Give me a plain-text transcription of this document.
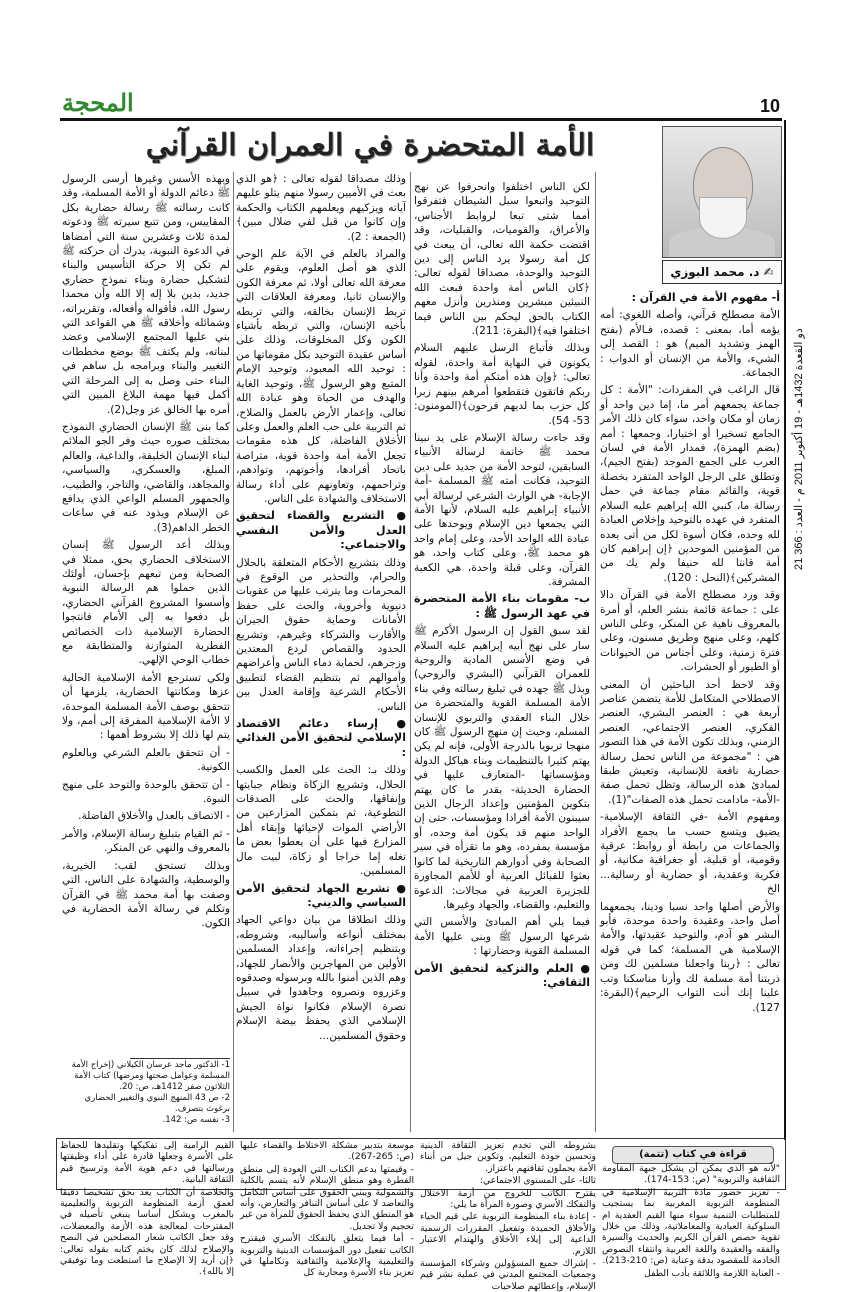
10
المحجة
21 ذو القعدة 1432هـ - 19 أكتوبر 2011 م - العدد : 366
الأمة المتحضرة في العمران القرآني
✍ د. محمد البوزي
أ- مفهوم الأمة في القرآن :

الأمة مصطلح قرآني، وأصله اللغوي: أمه يؤمه أما، بمعنى : قصده، فـالأم (بفتح الهمز وتشديد الميم) هو : القصد إلى الشيء، والأمة من الإنسان أو الدواب : الجماعة.

قال الراغب في المفردات: "الأمة : كل جماعة يجمعهم أمر ما، إما دين واحد أو زمان أو مكان واحد، سواء كان ذلك الأمر الجامع تسخيرا أو اختيارا، وجمعها : أمم (بضم الهمزة)، فمدار الأمة في لسان العرب على الجمع الموجد (بفتح الجيم)، وتطلق على الرجل الواحد المتفرد بخصلة قوية، والقائم مقام جماعة في حمل رسالة ما، كنبي الله إبراهيم عليه السلام المتفرد في عهده بالتوحيد وإخلاص العبادة لله وحده، فكان أسوة لكل من أتى بعده من المؤمنين الموحدين ﴿إن إبراهيم كان أمة قانتا لله حنيفا ولم يك من المشركين﴾(النحل : 120).

وقد ورد مصطلح الأمة في القرآن دالا على : جماعة قائمة بنشر العلم، أو أمرة بالمعروف ناهية عن المنكر، وعلى الناس كلهم، وعلى منهج وطريق مسنون، وعلى فترة زمنية، وعلى أجناس من الحيوانات أو الطيور أو الحشرات.

وقد لاحظ أحد الباحثين أن المعنى الاصطلاحي المتكامل للأمة يتضمن عناصر أربعة هي : العنصر البشري، العنصر الفكري، العنصر الاجتماعي، العنصر الزمني، وبذلك تكون الأمة في هذا التصور هي : "مجموعة من الناس تحمل رسالة حضارية نافعة للإنسانية، وتعيش طبقا لمبادئ هذه الرسالة، وتظل تحمل صفة -الأمة- مادامت تحمل هذه الصفات"(1).

ومفهوم الأمة -في الثقافة الإسلامية- يضيق ويتسع حسب ما يجمع الأفراد والجماعات من رابطة أو روابط: عرقية وقومية، أو قبلية، أو جغرافية مكانية، أو فكرية وعقدية، أو حضارية أو رسالية... الخ

والأرض أصلها واحد نسبا ودينا، يجمعهما أصل واحد، وعقيدة واحدة موحدة، فأبو البشر هو آدم، والتوحيد عقيدتها، والأمة الإسلامية هي المسلمة؛ كما في قوله تعالى : ﴿ربنا واجعلنا مسلمين لك ومن ذريتنا أمة مسلمة لك وأرنا مناسكنا وتب علينا إنك أنت التواب الرحيم﴾(البقرة: 127).

لكن الناس اختلفوا وانحرفوا عن نهج التوحيد واتبعوا سبل الشيطان فتفرقوا أمما شتى تبعا لروابط الأجناس، والأعراق، والقوميات، والقبليات، وقد اقتضت حكمة الله تعالى، أن يبعث في كل أمة رسولا يرد الناس إلى دين التوحيد والوحدة، مصداقا لقوله تعالى: ﴿كان الناس أمة واحدة فبعث الله النبيئين مبشرين ومنذرين وأنزل معهم الكتاب بالحق ليحكم بين الناس فيما اختلفوا فيه﴾(البقرة: 211).

وبذلك فأتباع الرسل عليهم السلام يكونون في النهاية أمة واحدة، لقوله تعالى: ﴿وإن هذه أمتكم أمة واحدة وأنا ربكم فاتقون فتقطعوا أمرهم بينهم زبرا كل حزب بما لديهم فرحون﴾(المومنون: 53- 54).

وقد جاءت رسالة الإسلام على يد نبينا محمد ﷺ خاتمة لرسالة الأنبياء السابقين، لتوحد الأمة من جديد على دين التوحيد، فكانت أمته ﷺ المسلمة -أمة الإجابة- هي الوارث الشرعي لرسالة أبي الأنبياء إبراهيم عليه السلام، لأنها الأمة التي يجمعها دين الإسلام ويوحدها على عبادة الله الواحد الأحد، وعلى إمام واحد هو محمد ﷺ، وعلى كتاب واحد، هو القرآن، وعلى قبلة واحدة، هي الكعبة المشرفة.

ب- مقومات بناء الأمة المتحضرة في عهد الرسول ﷺ :

لقد سبق القول إن الرسول الأكرم ﷺ سار على نهج أبيه إبراهيم عليه السلام في وضع الأسس المادية والروحية للعمران القرآني (البشري والروحي) وبذل ﷺ جهده في تبليغ رسالته وفي بناء الأمة المسلمة القوية والمتحضرة من خلال البناء العقدي والتربوي للإنسان المسلم، وحيث إن منهج الرسول ﷺ كان منهجا تربويا بالدرجة الأولى، فإنه لم يكن يهتم كثيرا بالتنظيمات وبناء هياكل الدولة ومؤسساتها -المتعارف عليها في الحضارة الحديثة- بقدر ما كان يهتم بتكوين المؤمنين وإعداد الرجال الذين سيبنون الأمة أفرادا ومؤسسات، حتى إن الواحد منهم قد يكون أمة وحده، أو مؤسسة بمفرده، وهو ما تقرأه في سير الصحابة وفي أدوارهم التاريخية لما كانوا بعثوا للقبائل العربية أو للأمم المجاورة للجزيرة العربية في مجالات: الدعوة والتعليم، والقضاء، والجهاد وغيرها.

فيما يلي أهم المبادئ والأسس التي شرعها الرسول ﷺ وبنى عليها الأمة المسلمة القوية وحضارتها :

● العلم والتزكية لتحقيق الأمن الثقافي:

وذلك مصداقا لقوله تعالى : ﴿هو الذي بعث في الأميين رسولا منهم يتلو عليهم آياته ويزكيهم ويعلمهم الكتاب والحكمة وإن كانوا من قبل لفي ضلال مبين﴾(الجمعة : 2).

والمراد بالعلم في الآية علم الوحي الذي هو أصل العلوم، ويقوم على معرفة الله تعالى أولا، ثم معرفة الكون والإنسان ثانيا، ومعرفة العلاقات التي تربط الإنسان بخالقه، والتي تربطه بأخيه الإنسان، والتي تربطه بأشياء الكون وكل المخلوقات، وذلك على أساس عقيدة التوحيد بكل مقوماتها من : توحيد الله المعبود، وتوحيد الإمام المتبع وهو الرسول ﷺ، وتوحيد الغاية والهدف من الحياة وهو عبادة الله تعالى، وإعمار الأرض بالعمل والصلاح، ثم التربية على حب العلم والعمل وعلى الأخلاق الفاضلة، كل هذه مقومات تجعل الأمة أمة واحدة قوية، متراصة باتحاد أفرادها، وأخوتهم، وتوادهم، وتراحمهم، وتعاونهم على أداء رسالة الاستخلاف والشهادة على الناس.

● التشريع والقضاء لتحقيق العدل والأمن النفسي والاجتماعي:

وذلك بتشريع الأحكام المتعلقة بالحلال والحرام، والتحذير من الوقوع في المحرمات وما يترتب عليها من عقوبات دنيوية وأخروية، والحث على حفظ الأمانات وحماية حقوق الجيران والأقارب والشركاء وغيرهم، وتشريع الحدود والقصاص لردع المعتدين وزجرهم، لحماية دماء الناس وأعراضهم وأموالهم ثم بتنظيم القضاء لتطبيق الأحكام الشرعية وإقامة العدل بين الناس.

● إرساء دعائم الاقتصاد الإسلامي لتحقيق الأمن الغذائي :

وذلك بـ: الحث على العمل والكسب الحلال، وتشريع الزكاة ونظام جبايتها وإنفاقها، والحث على الصدقات التطوعية، ثم بتمكين المزارعين من الأراضي الموات لإحيائها وإبقاء أهل المزارع فيها على أن يعطوا بعض ما تغله إما خراجا أو زكاة، لبيت مال المسلمين.

● تشريع الجهاد لتحقيق الأمن السياسي والديني:

وذلك انطلاقا من بيان دواعي الجهاد بمختلف أنواعه وأساليبه، وشروطه، وبتنظيم إجراءاته، وإعداد المسلمين الأولين من المهاجرين والأنصار للجهاد، وهم الذين أمنوا بالله وبرسوله وصدقوه وعزروه ونصروه وجاهدوا في سبيل نصرة الإسلام فكانوا نواة الجيش الإسلامي الذي يحفظ بيضة الإسلام وحقوق المسلمين...

وبهذه الأسس وغيرها أرسى الرسول ﷺ دعائم الدولة أو الأمة المسلمة، وقد كانت رسالته ﷺ رسالة حضارية بكل المقاييس، ومن تتبع سيرته ﷺ ودعوته لمدة ثلاث وعشرين سنة التي أمضاها في الدعوة النبوية، يدرك أن حركته ﷺ لم تكن إلا حركة التأسيس والبناء لتشكيل حضارة وبناء نموذج حضاري جديد، بدين بلا إله إلا الله وأن محمدا رسول الله، فأقواله وأفعاله، وتقريراته، وشمائله وأخلاقه ﷺ هي القواعد التي بني عليها المجتمع الإسلامي وعضد لبناته، ولم يكتف ﷺ بوضع مخططات التغيير والبناء وبرامجه بل ساهم في البناء حتى وصل به إلى المرحلة التي أكمل فيها مهمة البلاغ المبين التي أمره بها الخالق عز وجل(2).

كما بنى ﷺ الإنسان الحضاري النموذج بمختلف صوره حيث وفر الجو الملائم لبناء الإنسان الخليفة، والداعية، والعالم المبلغ، والعسكري، والسياسي، والمجاهد، والقاضي، والتاجر، والطبيب، والجمهور المسلم الواعي الذي يدافع عن الإسلام ويذود عنه في ساعات الخطر الداهم(3).

وبذلك أعد الرسول ﷺ إنسان الاستخلاف الحضاري بحق، ممثلا في الصحابة ومن تبعهم بإحسان، أولئك الذين حملوا هم الرسالة النبوية وأسسوا المشروع القرآني الحضاري، بل دفعوا به إلى الأمام فانتجوا الحضارة الإسلامية ذات الخصائص الفطرية المتوازنة والمتطابقة مع خطاب الوحي الإلهي.

ولكي تسترجع الأمة الإسلامية الحالية عزها ومكانتها الحضارية، يلزمها أن تتحقق بوصف الأمة المسلمة الموحدة، لا الأمة الإسلامية المفرقة إلى أمم، ولا يتم لها ذلك إلا بشروط أهمها :

- أن تتحقق بالعلم الشرعي وبالعلوم الكونية.

- أن تتحقق بالوحدة والتوحد على منهج النبوة.

- الاتصاف بالعدل والأخلاق الفاضلة.

- ثم القيام بتبليغ رسالة الإسلام، والأمر بالمعروف والنهي عن المنكر.

وبذلك تستحق لقب: الخيرية، والوسطية، والشهادة على الناس، التي وصفت بها أمة محمد ﷺ في القرآن وتكلم في رسالة الأمة الحضارية في الكون.

1- الدكتور ماجد عرسان الكيلاني (إخراج الأمة المسلمة وعوامل صحتها ومرضها) كتاب الأمة الثلاثون صفر 1412هـ، ص: 20.

2- ص 43 المنهج النبوي والتغيير الحضاري برغوث بتصرف.

3- نفسه ص: 142.

قراءة في كتاب (تتمة)

"لأنه هو الذي يمكن أن يشكل جبهة المقاومة الثقافية والتربوية" (ص: 153-174).

- تعزيز حضور مادة التربية الإسلامية في المنظومة التربوية المغربية بما يستجيب للمتطلبات التنمية سواء منها القيم العقدية ام السلوكية العبادية والمعاملاتية، وذلك من خلال تقوية حصص القرآن الكريم والحديث والسيرة والفقه والعقيدة واللغة العربية وانتقاء النصوص الخادمة للمقصود بدقة وعناية (ص: 210-213).

- العناية اللازمة واللائقة بأدب الطفل

بشروطه التي تخدم تعزيز الثقافة الدينية وتحسين جودة التعليم، وتكوين جيل من أبناء الأمة يحملون ثقافتهم باعتزاز.

ثالثا- على المستوى الاجتماعي:

يقترح الكاتب للخروج من أزمة الاختلال والتفكك الأسري وصورة المرأة ما يلي:

- إعادة بناء المنظومة التربوية على قيم الحياء والأخلاق الحميدة وتفعيل المقررات الرسمية الداعية إلى إيلاء الأخلاق والهندام الاعتبار اللازم.

- إشراك جميع المسؤولين وشركاء المؤسسة وجمعيات المجتمع المدني في عملية نشر قيم الإسلام، وإعطائهم صلاحيات

موسعة بتدبير مشكلة الاختلاط والقضاء عليها (ص: 265-267).

- وقيمتها بدعم الكتاب التي العودة إلى منطق الفطرة وهو منطق الإسلام لأنه يتسم بالكلية والشمولية ويبني الحقوق على أساس التكامل والتعاضد لا على أساس التنافر والتعارض، وأنه هو المنطق الذي يحفظ الحقوق للمرأة من غير تحجيم ولا تجديل.

- أما فيما يتعلق بالتفكك الأسري فيقترح الكاتب تفعيل دور المؤسسات الدينية والتربوية والتعليمية والإعلامية والثقافية وتكاملها في تعزيز بناء الأسرة ومحاربة كل

القيم الرامية إلى تفكيكها وتقليدها للحفاظ على الأسرة وجعلها قادرة على أداء وظيفتها ورسالتها في دعم هوية الأمة وترسيخ قيم الثقافة البانية.

والخلاصة أن الكتاب يعد بحق تشخيصا دقيقا لعمق أزمة المنظومة التربوية والتعليمية بالمغرب ويشكل أساسا ينبغي تأصيله في المقترحات لمعالجة هذه الأزمة والمعضلات، وقد جعل الكاتب شعار المصلحين في النصح والإصلاح لذلك كان يختم كتابه بقوله تعالى: ﴿إن أريد إلا الإصلاح ما استطعت وما توفيقي إلا بالله﴾.
